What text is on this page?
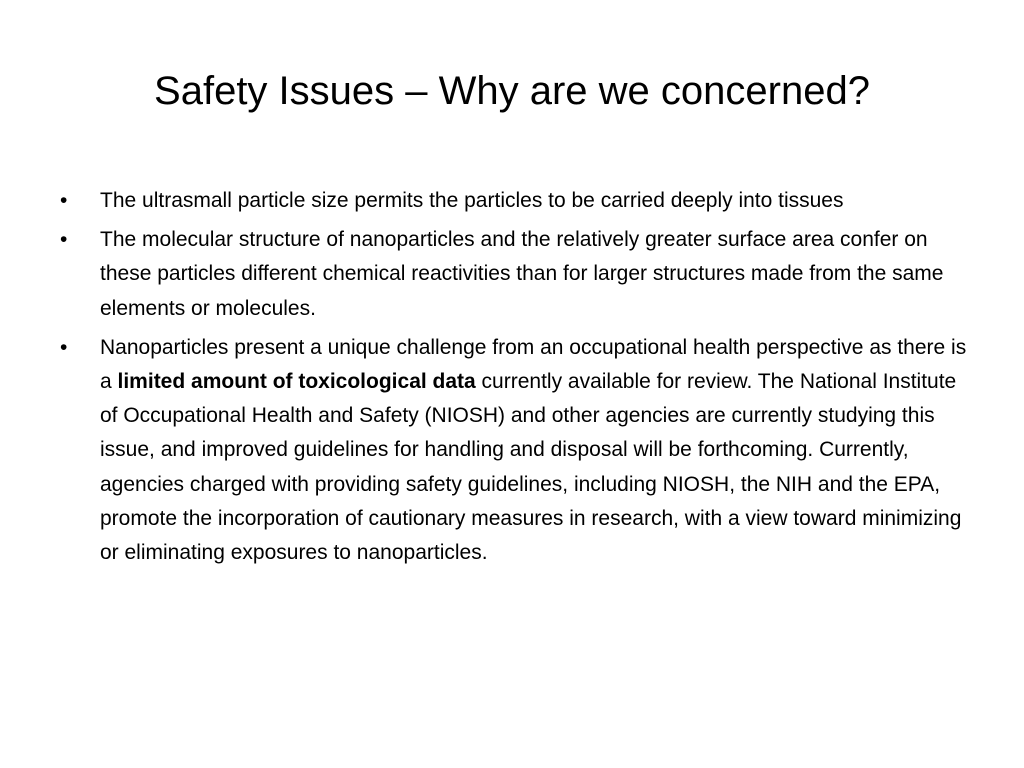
Safety Issues – Why are we concerned?
• The ultrasmall particle size permits the particles to be carried deeply into tissues
• The molecular structure of nanoparticles and the relatively greater surface area confer on these particles different chemical reactivities than for larger structures made from the same elements or molecules.
• Nanoparticles present a unique challenge from an occupational health perspective as there is a limited amount of toxicological data currently available for review. The National Institute of Occupational Health and Safety (NIOSH) and other agencies are currently studying this issue, and improved guidelines for handling and disposal will be forthcoming. Currently, agencies charged with providing safety guidelines, including NIOSH, the NIH and the EPA, promote the incorporation of cautionary measures in research, with a view toward minimizing or eliminating exposures to nanoparticles.
